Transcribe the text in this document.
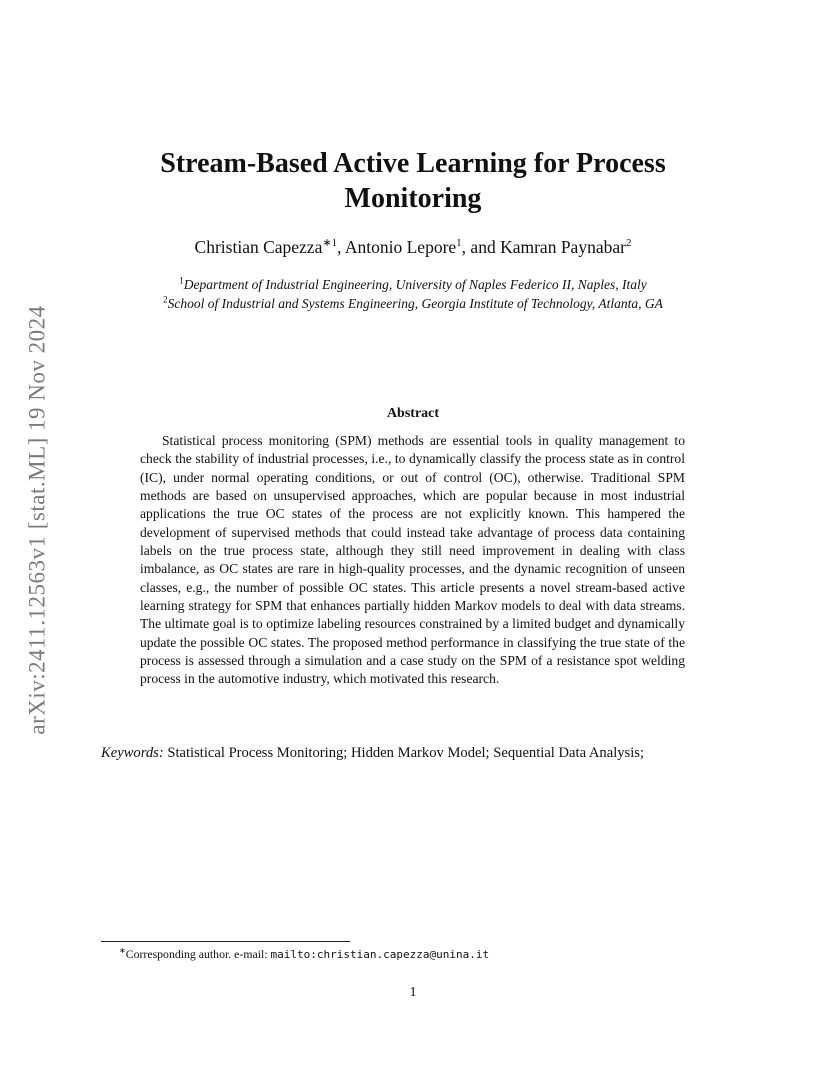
arXiv:2411.12563v1 [stat.ML] 19 Nov 2024
Stream-Based Active Learning for Process
Monitoring
Christian Capezza$^{∗1}$, Antonio Lepore$^1$, and Kamran Paynabar$^2$
$^1$Department of Industrial Engineering, University of Naples Federico II, Naples, Italy
$^2$School of Industrial and Systems Engineering, Georgia Institute of Technology, Atlanta, GA
Abstract

Statistical process monitoring (SPM) methods are essential tools in quality management to check the stability of industrial processes, i.e., to dynamically classify the process state as in control (IC), under normal operating conditions, or out of control (OC), otherwise. Traditional SPM methods are based on unsupervised approaches, which are popular because in most industrial applications the true OC states of the process are not explicitly known. This hampered the development of supervised methods that could instead take advantage of process data containing labels on the true process state, although they still need improvement in dealing with class imbalance, as OC states are rare in high-quality processes, and the dynamic recognition of unseen classes, e.g., the number of possible OC states. This article presents a novel stream-based active learning strategy for SPM that enhances partially hidden Markov models to deal with data streams. The ultimate goal is to optimize labeling resources constrained by a limited budget and dynamically update the possible OC states. The proposed method performance in classifying the true state of the process is assessed through a simulation and a case study on the SPM of a resistance spot welding process in the automotive industry, which motivated this research.

Keywords: Statistical Process Monitoring; Hidden Markov Model; Sequential Data Analysis;

∗Corresponding author. e-mail: mailto:christian.capezza@unina.it
1
